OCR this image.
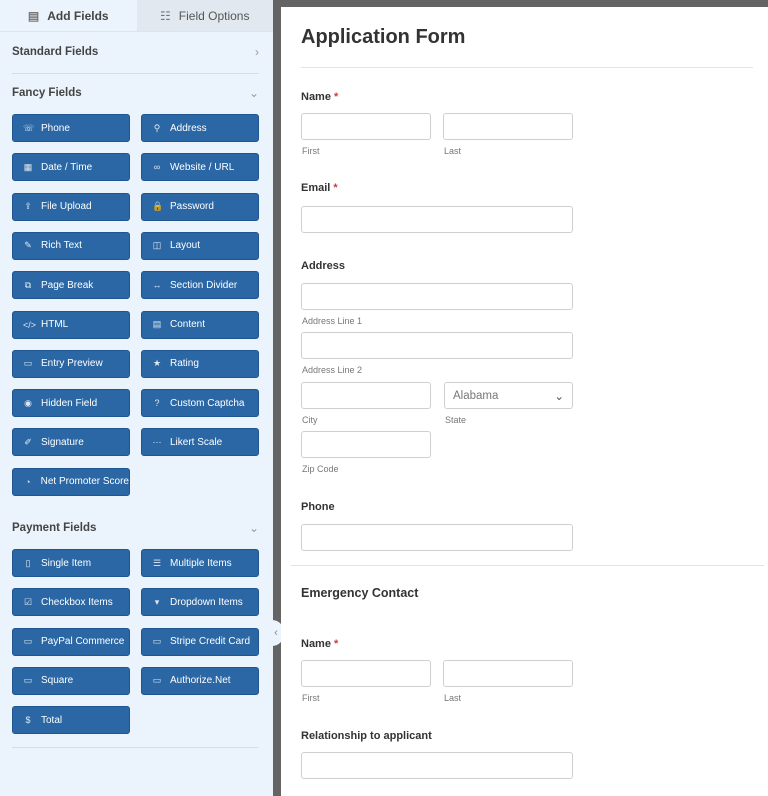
▤ Add Fields	☷ Field Options
Standard Fields	›
Fancy Fields	⌄
☏ Phone	⚲ Address
▦ Date / Time	∞ Website / URL
⇪ File Upload	🔒 Password
✎ Rich Text	◫ Layout
⧉ Page Break	↔ Section Divider
</> HTML	▤ Content
▭ Entry Preview	★ Rating
◉ Hidden Field	? Custom Captcha
✐ Signature	⋯ Likert Scale
◔ Net Promoter Score
Payment Fields	⌄
▯ Single Item	☰ Multiple Items
☑ Checkbox Items	▾ Dropdown Items
▭ PayPal Commerce	▭ Stripe Credit Card
▭ Square	▭ Authorize.Net
$ Total
‹
Application Form
Name *
First	Last
Email *
Address
Address Line 1
Address Line 2
Alabama	⌄
City	State
Zip Code
Phone
Emergency Contact
Name *
First	Last
Relationship to applicant
